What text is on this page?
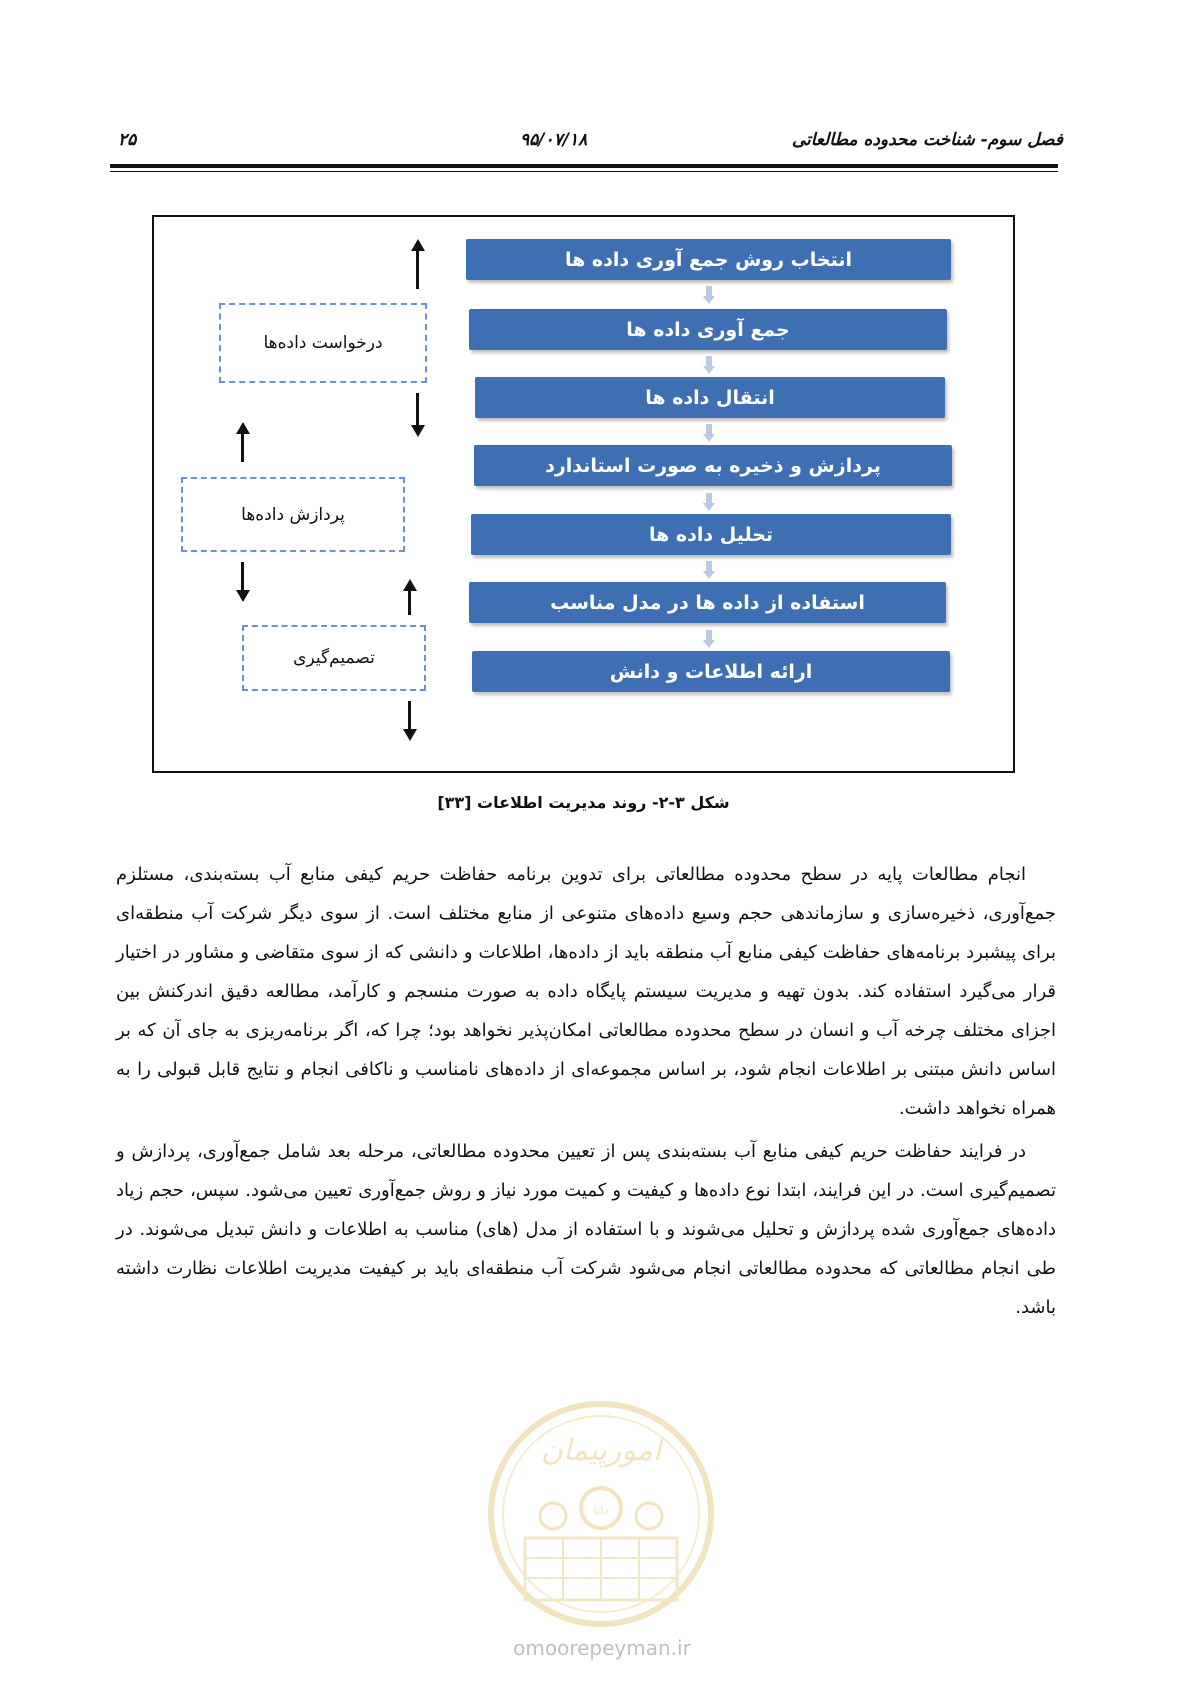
فصل سوم- شناخت محدوده مطالعاتی
۹۵/۰۷/۱۸
۲۵
انتخاب روش جمع آوری داده ها
جمع آوری داده ها
انتقال داده ها
پردازش و ذخیره به صورت استاندارد
تحلیل داده ها
استفاده از داده ها در مدل مناسب
ارائه اطلاعات و دانش
درخواست داده‌ها
پردازش داده‌ها
تصمیم‌گیری
شکل ۳-۲- روند مدیریت اطلاعات [۳۳]

انجام مطالعات پایه در سطح محدوده مطالعاتی برای تدوین برنامه حفاظت حریم کیفی منابع آب بسته‌بندی، مستلزم جمع‌آوری، ذخیره‌سازی و سازماندهی حجم وسیع داده‌های متنوعی از منابع مختلف است. از سوی دیگر شرکت آب منطقه‌ای برای پیشبرد برنامه‌های حفاظت کیفی منابع آب منطقه باید از داده‌ها، اطلاعات و دانشی که از سوی متقاضی و مشاور در اختیار قرار می‌گیرد استفاده کند. بدون تهیه و مدیریت سیستم پایگاه داده به صورت منسجم و کارآمد، مطالعه دقیق اندرکنش بین اجزای مختلف چرخه آب و انسان در سطح محدوده مطالعاتی امکان‌پذیر نخواهد بود؛ چرا که، اگر برنامه‌ریزی به جای آن که بر اساس دانش مبتنی بر اطلاعات انجام شود، بر اساس مجموعه‌ای از داده‌های نامناسب و ناکافی انجام و نتایج قابل قبولی را به همراه نخواهد داشت.

در فرایند حفاظت حریم کیفی منابع آب بسته‌بندی پس از تعیین محدوده مطالعاتی، مرحله بعد شامل جمع‌آوری، پردازش و تصمیم‌گیری است. در این فرایند، ابتدا نوع داده‌ها و کیفیت و کمیت مورد نیاز و روش جمع‌آوری تعیین می‌شود. سپس، حجم زیاد داده‌های جمع‌آوری شده پردازش و تحلیل می‌شوند و با استفاده از مدل (های) مناسب به اطلاعات و دانش تبدیل می‌شوند. در طی انجام مطالعاتی که محدوده مطالعاتی انجام می‌شود شرکت آب منطقه‌ای باید بر کیفیت مدیریت اطلاعات نظارت داشته باشد.

امورپیمان
دانا
omoorepeyman.ir
